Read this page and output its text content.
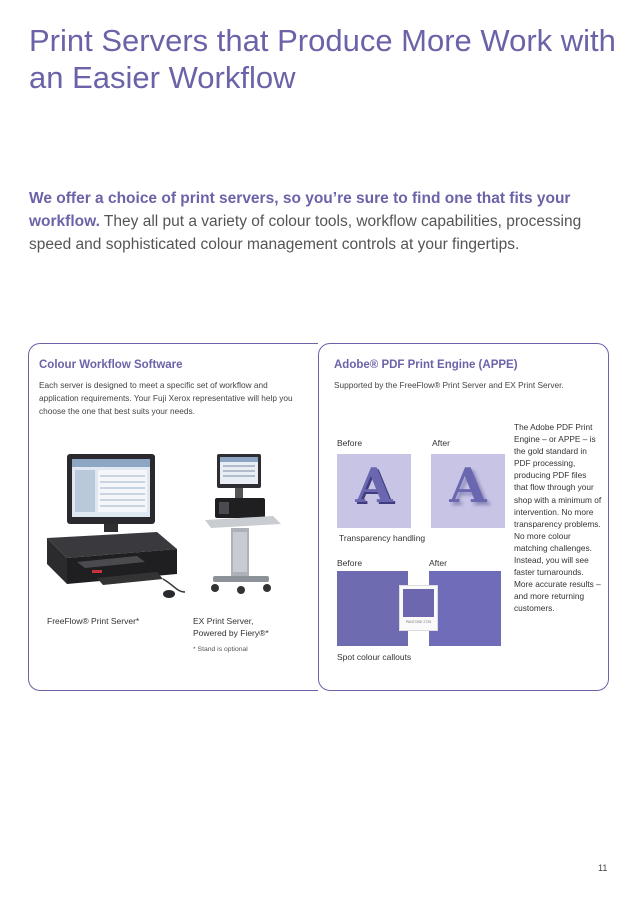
Print Servers that Produce More Work with an Easier Workflow
We offer a choice of print servers, so you’re sure to find one that fits your workflow. They all put a variety of colour tools, workflow capabilities, processing speed and sophisticated colour management controls at your fingertips.
Colour Workflow Software
Each server is designed to meet a specific set of workflow and application requirements. Your Fuji Xerox representative will help you choose the one that best suits your needs.
FreeFlow® Print Server*	EX Print Server, Powered by Fiery®*
* Stand is optional
Adobe® PDF Print Engine (APPE)
Supported by the FreeFlow® Print Server and EX Print Server.
Before	After
A	A
Transparency handling
Before	After
PANTONE 2725
Spot colour callouts
The Adobe PDF Print Engine – or APPE – is the gold standard in PDF processing, producing PDF files that flow through your shop with a minimum of intervention. No more transparency problems. No more colour matching challenges. Instead, you will see faster turnarounds. More accurate results – and more returning customers.
11
